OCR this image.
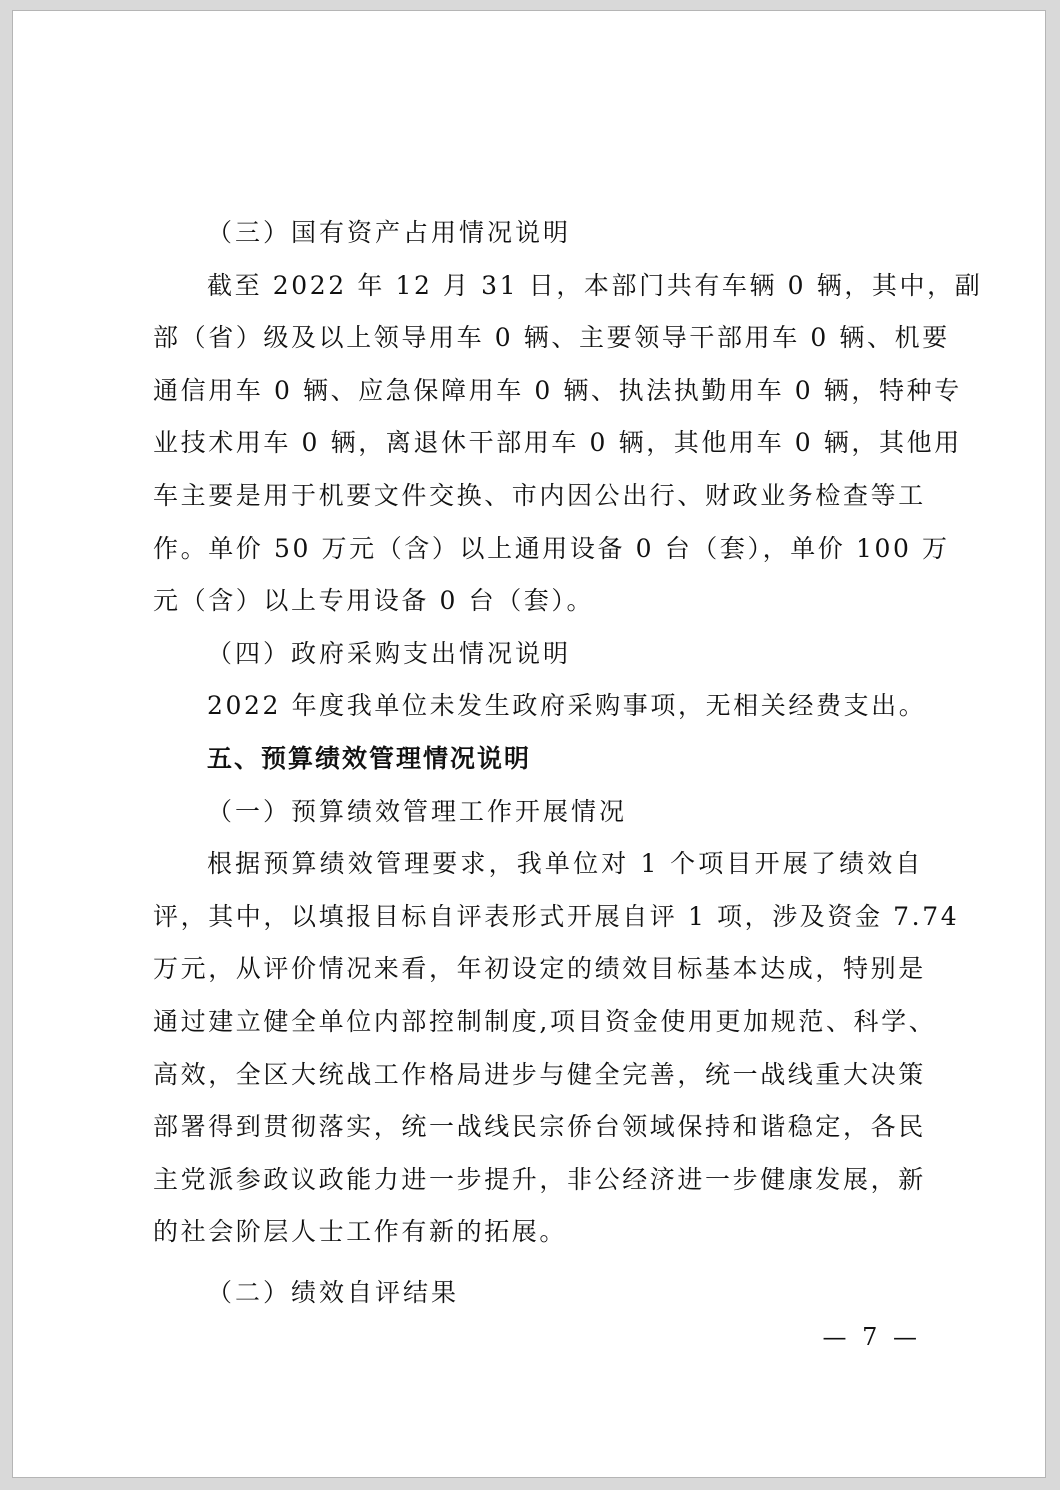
（三）国有资产占用情况说明
截至 2022 年 12 月 31 日，本部门共有车辆 0 辆，其中，副
部（省）级及以上领导用车 0 辆、主要领导干部用车 0 辆、机要
通信用车 0 辆、应急保障用车 0 辆、执法执勤用车 0 辆，特种专
业技术用车 0 辆，离退休干部用车 0 辆，其他用车 0 辆，其他用
车主要是用于机要文件交换、市内因公出行、财政业务检查等工
作。单价 50 万元（含）以上通用设备 0 台（套），单价 100 万
元（含）以上专用设备 0 台（套）。
（四）政府采购支出情况说明
2022 年度我单位未发生政府采购事项，无相关经费支出。
五、预算绩效管理情况说明
（一）预算绩效管理工作开展情况
根据预算绩效管理要求，我单位对 1 个项目开展了绩效自
评，其中，以填报目标自评表形式开展自评 1 项，涉及资金 7.74
万元，从评价情况来看，年初设定的绩效目标基本达成，特别是
通过建立健全单位内部控制制度,项目资金使用更加规范、科学、
高效，全区大统战工作格局进步与健全完善，统一战线重大决策
部署得到贯彻落实，统一战线民宗侨台领域保持和谐稳定，各民
主党派参政议政能力进一步提升，非公经济进一步健康发展，新
的社会阶层人士工作有新的拓展。
（二）绩效自评结果
— 7 —
